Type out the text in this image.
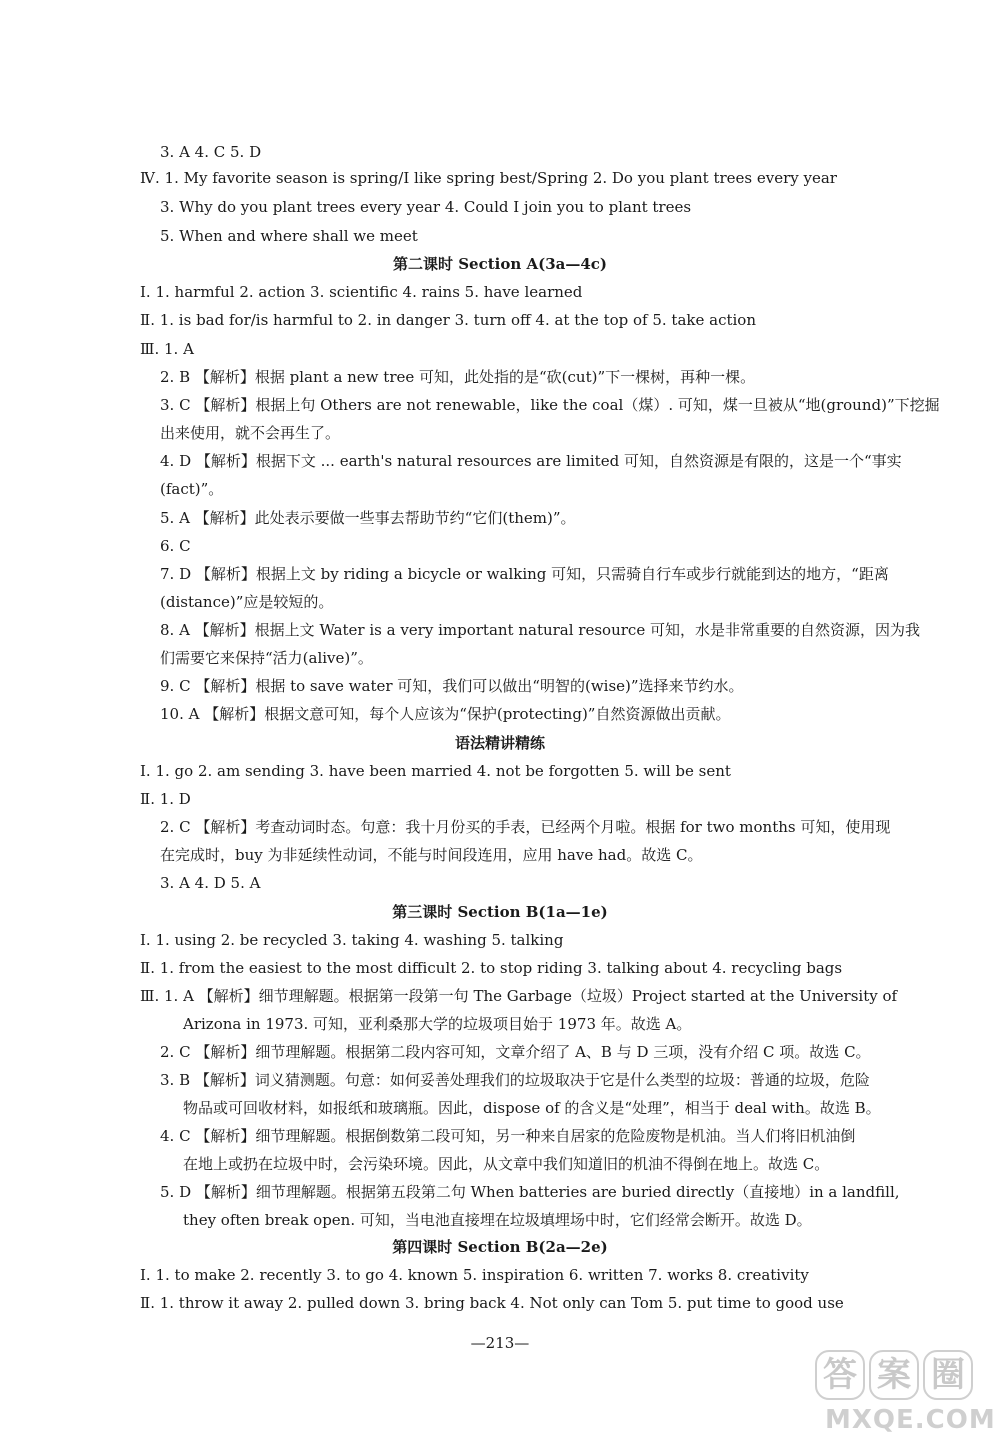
3. A 4. C 5. D
Ⅳ. 1. My favorite season is spring/I like spring best/Spring 2. Do you plant trees every year
3. Why do you plant trees every year 4. Could I join you to plant trees
5. When and where shall we meet
Ⅰ. 1. harmful 2. action 3. scientific 4. rains 5. have learned
Ⅱ. 1. is bad for/is harmful to 2. in danger 3. turn off 4. at the top of 5. take action
Ⅲ. 1. A
2. B 【解析】根据 plant a new tree 可知，此处指的是“砍(cut)”下一棵树，再种一棵。
3. C 【解析】根据上句 Others are not renewable，like the coal（煤）. 可知，煤一旦被从“地(ground)”下挖掘
出来使用，就不会再生了。
4. D 【解析】根据下文 ... earth's natural resources are limited 可知，自然资源是有限的，这是一个“事实
(fact)”。
5. A 【解析】此处表示要做一些事去帮助节约“它们(them)”。
6. C
7. D 【解析】根据上文 by riding a bicycle or walking 可知，只需骑自行车或步行就能到达的地方，“距离
(distance)”应是较短的。
8. A 【解析】根据上文 Water is a very important natural resource 可知，水是非常重要的自然资源，因为我
们需要它来保持“活力(alive)”。
9. C 【解析】根据 to save water 可知，我们可以做出“明智的(wise)”选择来节约水。
10. A 【解析】根据文意可知，每个人应该为“保护(protecting)”自然资源做出贡献。
Ⅰ. 1. go 2. am sending 3. have been married 4. not be forgotten 5. will be sent
Ⅱ. 1. D
2. C 【解析】考查动词时态。句意：我十月份买的手表，已经两个月啦。根据 for two months 可知，使用现
在完成时，buy 为非延续性动词，不能与时间段连用，应用 have had。故选 C。
3. A 4. D 5. A
Ⅰ. 1. using 2. be recycled 3. taking 4. washing 5. talking
Ⅱ. 1. from the easiest to the most difficult 2. to stop riding 3. talking about 4. recycling bags
Ⅲ. 1. A 【解析】细节理解题。根据第一段第一句 The Garbage（垃圾）Project started at the University of
Arizona in 1973. 可知，亚利桑那大学的垃圾项目始于 1973 年。故选 A。
2. C 【解析】细节理解题。根据第二段内容可知，文章介绍了 A、B 与 D 三项，没有介绍 C 项。故选 C。
3. B 【解析】词义猜测题。句意：如何妥善处理我们的垃圾取决于它是什么类型的垃圾：普通的垃圾，危险
物品或可回收材料，如报纸和玻璃瓶。因此，dispose of 的含义是“处理”，相当于 deal with。故选 B。
4. C 【解析】细节理解题。根据倒数第二段可知，另一种来自居家的危险废物是机油。当人们将旧机油倒
在地上或扔在垃圾中时，会污染环境。因此，从文章中我们知道旧的机油不得倒在地上。故选 C。
5. D 【解析】细节理解题。根据第五段第二句 When batteries are buried directly（直接地）in a landfill,
they often break open. 可知，当电池直接埋在垃圾填埋场中时，它们经常会断开。故选 D。
Ⅰ. 1. to make 2. recently 3. to go 4. known 5. inspiration 6. written 7. works 8. creativity
Ⅱ. 1. throw it away 2. pulled down 3. bring back 4. Not only can Tom 5. put time to good use
第二课时 Section A(3a—4c)
语法精讲精练
第三课时 Section B(1a—1e)
第四课时 Section B(2a—2e)
—213—
答 案 圈
MXQE.COM
